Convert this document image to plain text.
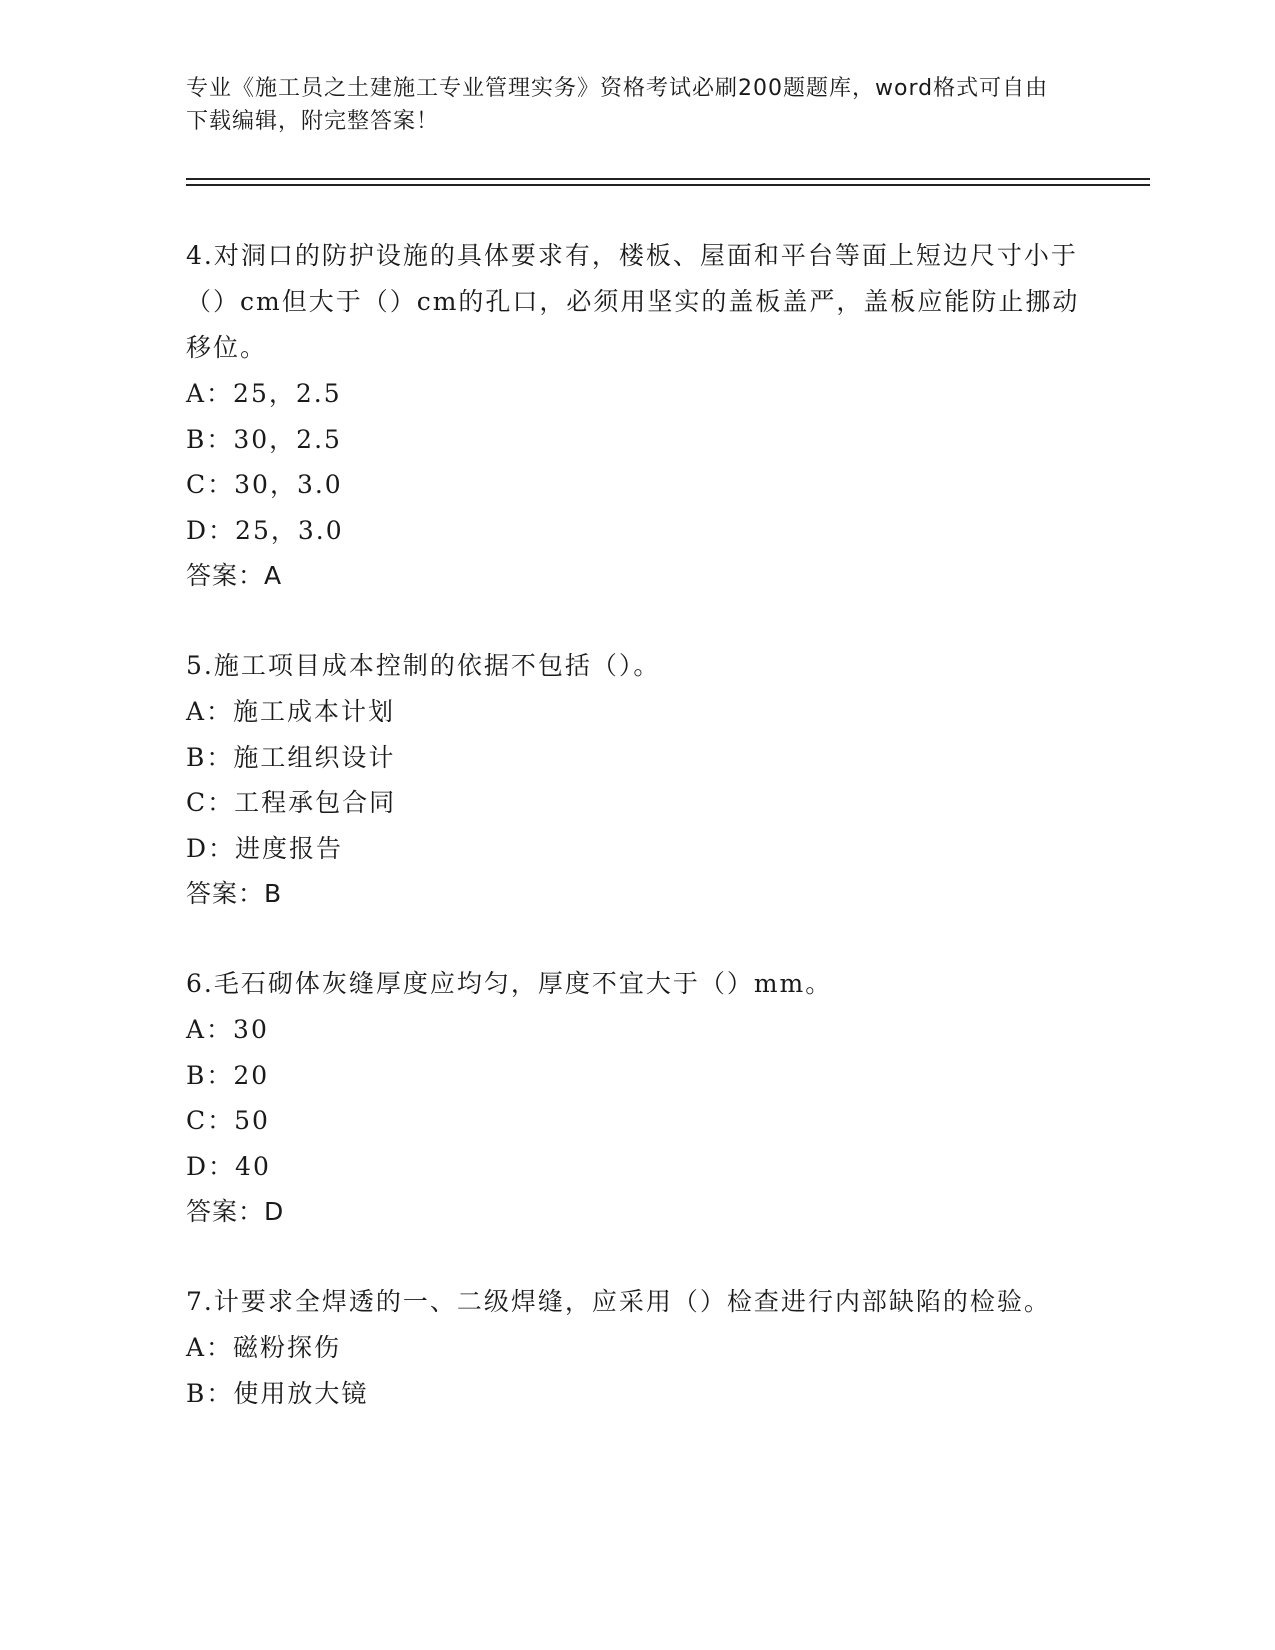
专业《施工员之土建施工专业管理实务》资格考试必刷200题题库，word格式可自由下载编辑，附完整答案！
4.对洞口的防护设施的具体要求有，楼板、屋面和平台等面上短边尺寸小于（）cm但大于（）cm的孔口，必须用坚实的盖板盖严，盖板应能防止挪动移位。
A：25，2.5
B：30，2.5
C：30，3.0
D：25，3.0
答案：A
5.施工项目成本控制的依据不包括（）。
A：施工成本计划
B：施工组织设计
C：工程承包合同
D：进度报告
答案：B
6.毛石砌体灰缝厚度应均匀，厚度不宜大于（）mm。
A：30
B：20
C：50
D：40
答案：D
7.计要求全焊透的一、二级焊缝，应采用（）检查进行内部缺陷的检验。
A：磁粉探伤
B：使用放大镜
